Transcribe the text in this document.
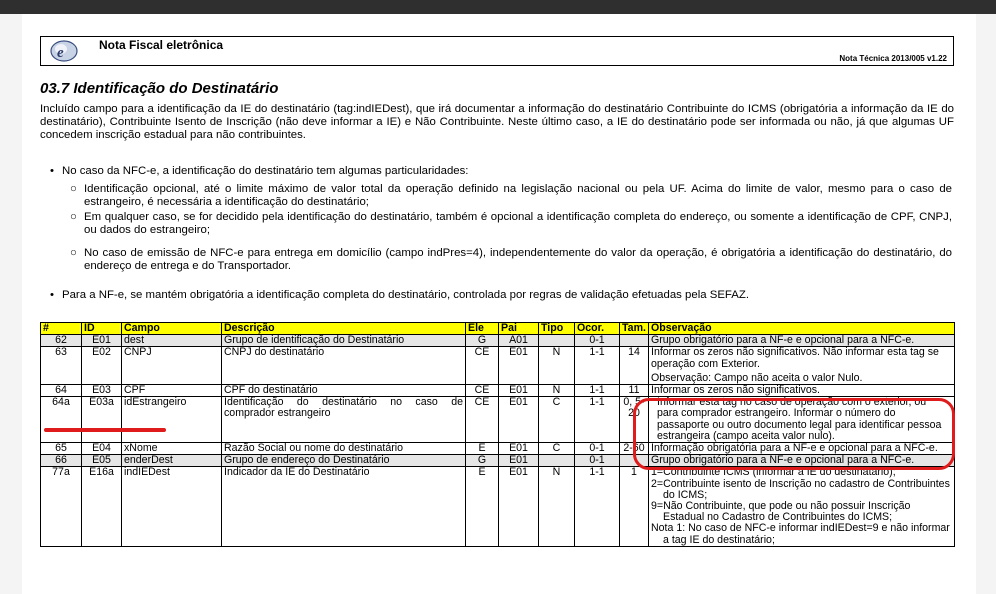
e	Nota Fiscal eletrônica
Nota Técnica 2013/005 v1.22
03.7 Identificação do Destinatário
Incluído campo para a identificação da IE do destinatário (tag:indIEDest), que irá documentar a informação do destinatário Contribuinte do ICMS (obrigatória a informação da IE do destinatário), Contribuinte Isento de Inscrição (não deve informar a IE) e Não Contribuinte. Neste último caso, a IE do destinatário pode ser informada ou não, já que algumas UF concedem inscrição estadual para não contribuintes.
• No caso da NFC-e, a identificação do destinatário tem algumas particularidades:
○ Identificação opcional, até o limite máximo de valor total da operação definido na legislação nacional ou pela UF. Acima do limite de valor, mesmo para o caso de estrangeiro, é necessária a identificação do destinatário;
○ Em qualquer caso, se for decidido pela identificação do destinatário, também é opcional a identificação completa do endereço, ou somente a identificação de CPF, CNPJ, ou dados do estrangeiro;
○ No caso de emissão de NFC-e para entrega em domicílio (campo indPres=4), independentemente do valor da operação, é obrigatória a identificação do destinatário, do endereço de entrega e do Transportador.
• Para a NF-e, se mantém obrigatória a identificação completa do destinatário, controlada por regras de validação efetuadas pela SEFAZ.
#	ID	Campo	Descrição	Ele	Pai	Tipo	Ocor.	Tam.	Observação
62	E01	dest	Grupo de identificação do Destinatário	G	A01		0-1		Grupo obrigatório para a NF-e e opcional para a NFC-e.
63	E02	CNPJ	CNPJ do destinatário	CE	E01	N	1-1	14	Informar os zeros não significativos. Não informar esta tag se operação com Exterior.
Observação: Campo não aceita o valor Nulo.

64	E03	CPF	CPF do destinatário	CE	E01	N	1-1	11	Informar os zeros não significativos.
64a	E03a	idEstrangeiro	Identificação do destinatário no caso de comprador estrangeiro	CE	E01	C	1-1	0, 5-20	Informar esta tag no caso de operação com o exterior, ou para comprador estrangeiro. Informar o número do passaporte ou outro documento legal para identificar pessoa estrangeira (campo aceita valor nulo).
65	E04	xNome	Razão Social ou nome do destinatário	E	E01	C	0-1	2-60	Informação obrigatória para a NF-e e opcional para a NFC-e.
66	E05	enderDest	Grupo de endereço do Destinatário	G	E01		0-1		Grupo obrigatório para a NF-e e opcional para a NFC-e.
77a	E16a	indIEDest	Indicador da IE do Destinatário	E	E01	N	1-1	1	1=Contribuinte ICMS (informar a IE do destinatário);
2=Contribuinte isento de Inscrição no cadastro de Contribuintes do ICMS;
9=Não Contribuinte, que pode ou não possuir Inscrição Estadual no Cadastro de Contribuintes do ICMS;
Nota 1: No caso de NFC-e informar indIEDest=9 e não informar a tag IE do destinatário;
